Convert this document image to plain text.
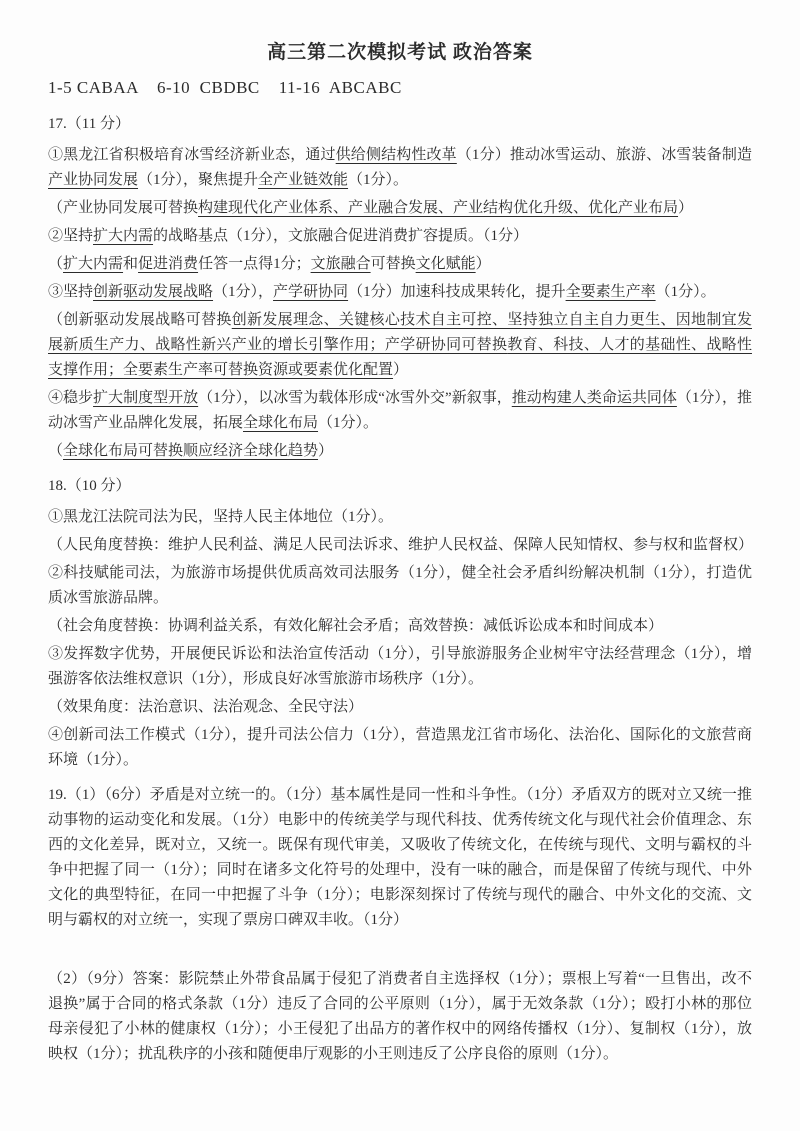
高三第二次模拟考试 政治答案
1-5 CABAA    6-10  CBDBC    11-16  ABCABC
17.（11 分）
①黑龙江省积极培育冰雪经济新业态，通过供给侧结构性改革（1分）推动冰雪运动、旅游、冰雪装备制造产业协同发展（1分），聚焦提升全产业链效能（1分）。
（产业协同发展可替换构建现代化产业体系、产业融合发展、产业结构优化升级、优化产业布局）
②坚持扩大内需的战略基点（1分），文旅融合促进消费扩容提质。（1分）
（扩大内需和促进消费任答一点得1分；文旅融合可替换文化赋能）
③坚持创新驱动发展战略（1分），产学研协同（1分）加速科技成果转化，提升全要素生产率（1分）。
（创新驱动发展战略可替换创新发展理念、关键核心技术自主可控、坚持独立自主自力更生、因地制宜发展新质生产力、战略性新兴产业的增长引擎作用；产学研协同可替换教育、科技、人才的基础性、战略性支撑作用；全要素生产率可替换资源或要素优化配置）
④稳步扩大制度型开放（1分），以冰雪为载体形成“冰雪外交”新叙事，推动构建人类命运共同体（1分），推动冰雪产业品牌化发展，拓展全球化布局（1分）。
（全球化布局可替换顺应经济全球化趋势）
18.（10 分）
①黑龙江法院司法为民，坚持人民主体地位（1分）。
（人民角度替换：维护人民利益、满足人民司法诉求、维护人民权益、保障人民知情权、参与权和监督权）
②科技赋能司法，为旅游市场提供优质高效司法服务（1分），健全社会矛盾纠纷解决机制（1分），打造优质冰雪旅游品牌。
（社会角度替换：协调利益关系，有效化解社会矛盾；高效替换：减低诉讼成本和时间成本）
③发挥数字优势，开展便民诉讼和法治宣传活动（1分），引导旅游服务企业树牢守法经营理念（1分），增强游客依法维权意识（1分），形成良好冰雪旅游市场秩序（1分）。
（效果角度：法治意识、法治观念、全民守法）
④创新司法工作模式（1分），提升司法公信力（1分），营造黑龙江省市场化、法治化、国际化的文旅营商环境（1分）。
19.（1）（6分）矛盾是对立统一的。（1分）基本属性是同一性和斗争性。（1分）矛盾双方的既对立又统一推动事物的运动变化和发展。（1分）电影中的传统美学与现代科技、优秀传统文化与现代社会价值理念、东西的文化差异，既对立，又统一。既保有现代审美，又吸收了传统文化，在传统与现代、文明与霸权的斗争中把握了同一（1分）；同时在诸多文化符号的处理中，没有一味的融合，而是保留了传统与现代、中外文化的典型特征，在同一中把握了斗争（1分）；电影深刻探讨了传统与现代的融合、中外文化的交流、文明与霸权的对立统一，实现了票房口碑双丰收。（1分）
（2）（9分）答案：影院禁止外带食品属于侵犯了消费者自主选择权（1分）；票根上写着“一旦售出，改不退换”属于合同的格式条款（1分）违反了合同的公平原则（1分），属于无效条款（1分）；殴打小林的那位母亲侵犯了小林的健康权（1分）；小王侵犯了出品方的著作权中的网络传播权（1分）、复制权（1分），放映权（1分）；扰乱秩序的小孩和随便串厅观影的小王则违反了公序良俗的原则（1分）。
